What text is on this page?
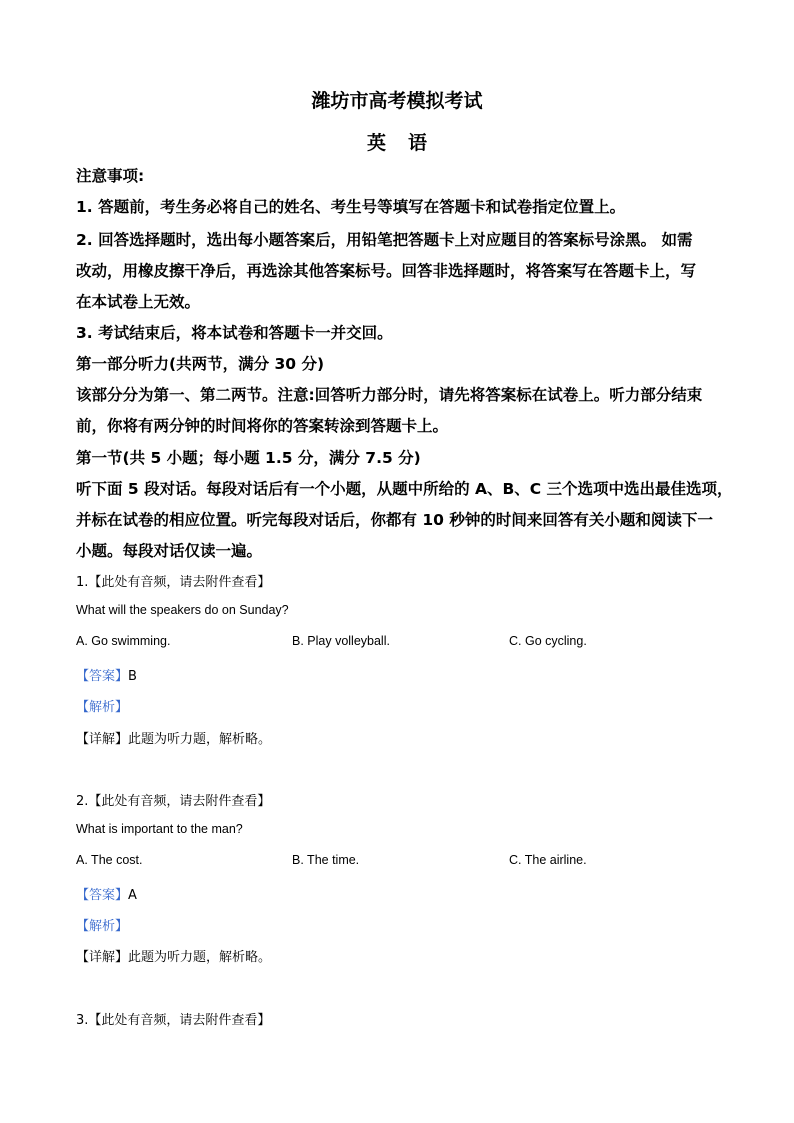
潍坊市高考模拟考试
英语
注意事项:
1. 答题前，考生务必将自己的姓名、考生号等填写在答题卡和试卷指定位置上。
2. 回答选择题时，选出每小题答案后，用铅笔把答题卡上对应题目的答案标号涂黑。 如需
改动，用橡皮擦干净后，再选涂其他答案标号。回答非选择题时，将答案写在答题卡上，写
在本试卷上无效。
3. 考试结束后，将本试卷和答题卡一并交回。
第一部分听力(共两节，满分 30 分)
该部分分为第一、第二两节。注意:回答听力部分时，请先将答案标在试卷上。听力部分结束
前，你将有两分钟的时间将你的答案转涂到答题卡上。
第一节(共 5 小题；每小题 1.5 分，满分 7.5 分)
听下面 5 段对话。每段对话后有一个小题，从题中所给的 A、B、C 三个选项中选出最佳选项，
并标在试卷的相应位置。听完每段对话后，你都有 10 秒钟的时间来回答有关小题和阅读下一
小题。每段对话仅读一遍。
1.【此处有音频，请去附件查看】
What will the speakers do on Sunday?
A. Go swimming.	B. Play volleyball.	C. Go cycling.
【答案】B
【解析】
【详解】此题为听力题，解析略。
2.【此处有音频，请去附件查看】
What is important to the man?
A. The cost.	B. The time.	C. The airline.
【答案】A
【解析】
【详解】此题为听力题，解析略。
3.【此处有音频，请去附件查看】
